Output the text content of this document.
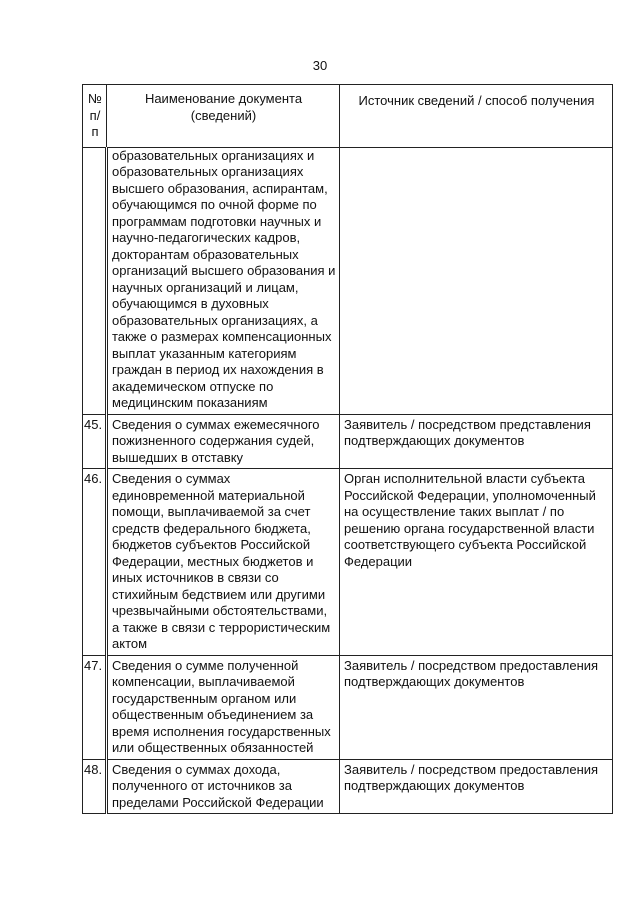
30
№ п/п	Наименование документа (сведений)	Источник сведений / способ получения
	образовательных организациях и образовательных организациях высшего образования, аспирантам, обучающимся по очной форме по программам подготовки научных и научно-педагогических кадров, докторантам образовательных организаций высшего образования и научных организаций и лицам, обучающимся в духовных образовательных организациях, а также о размерах компенсационных выплат указанным категориям граждан в период их нахождения в академическом отпуске по медицинским показаниям	
45.	Сведения о суммах ежемесячного пожизненного содержания судей, вышедших в отставку	Заявитель / посредством представления подтверждающих документов
46.	Сведения о суммах единовременной материальной помощи, выплачиваемой за счет средств федерального бюджета, бюджетов субъектов Российской Федерации, местных бюджетов и иных источников в связи со стихийным бедствием или другими чрезвычайными обстоятельствами, а также в связи с террористическим актом	Орган исполнительной власти субъекта Российской Федерации, уполномоченный на осуществление таких выплат / по решению органа государственной власти соответствующего субъекта Российской Федерации
47.	Сведения о сумме полученной компенсации, выплачиваемой государственным органом или общественным объединением за время исполнения государственных или общественных обязанностей	Заявитель / посредством предоставления подтверждающих документов
48.	Сведения о суммах дохода, полученного от источников за пределами Российской Федерации	Заявитель / посредством предоставления подтверждающих документов
